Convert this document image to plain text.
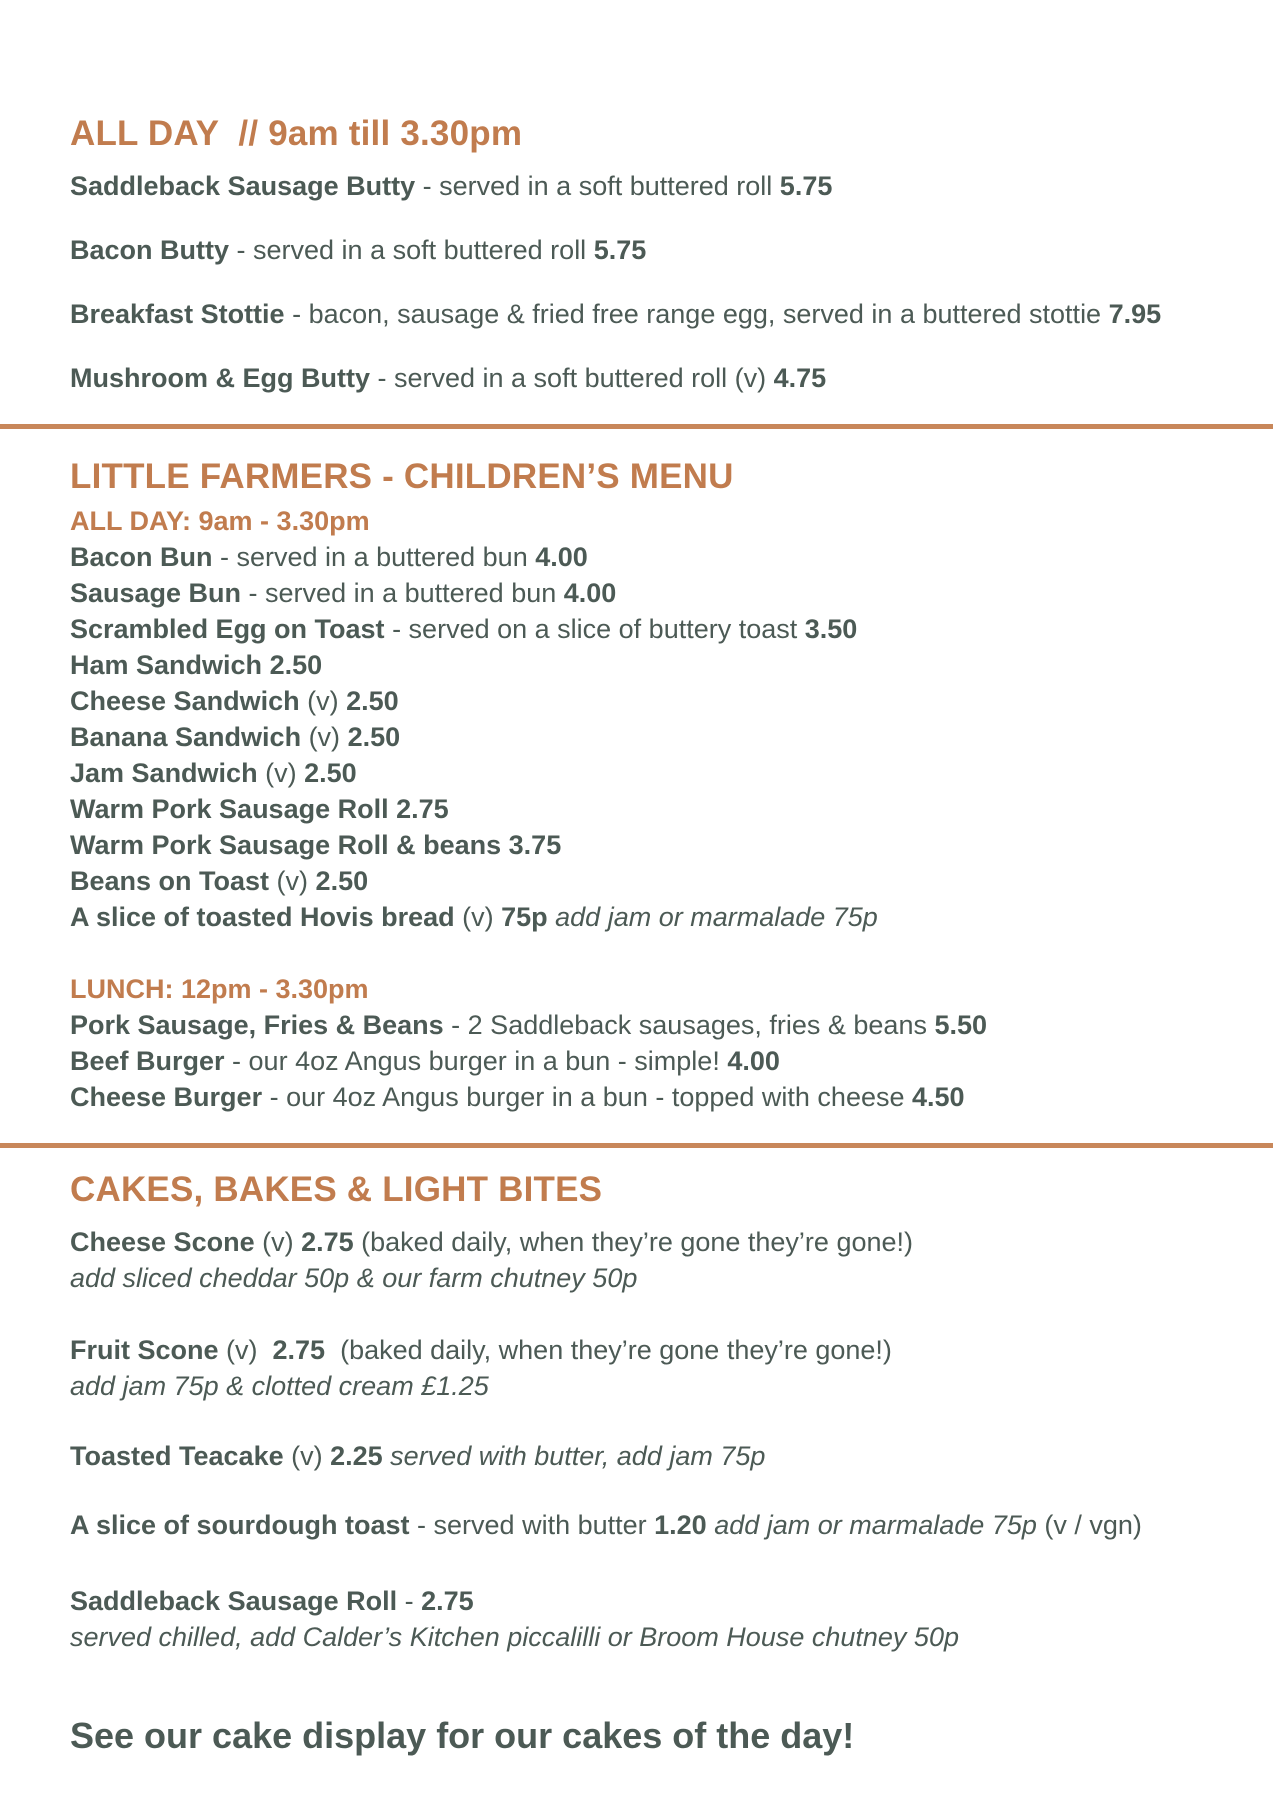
ALL DAY  // 9am till 3.30pm

Saddleback Sausage Butty - served in a soft buttered roll 5.75

Bacon Butty - served in a soft buttered roll 5.75

Breakfast Stottie - bacon, sausage & fried free range egg, served in a buttered stottie 7.95

Mushroom & Egg Butty - served in a soft buttered roll (v) 4.75

LITTLE FARMERS - CHILDREN’S MENU

ALL DAY: 9am - 3.30pm

Bacon Bun - served in a buttered bun 4.00

Sausage Bun - served in a buttered bun 4.00

Scrambled Egg on Toast - served on a slice of buttery toast 3.50

Ham Sandwich 2.50

Cheese Sandwich (v) 2.50

Banana Sandwich (v) 2.50

Jam Sandwich (v) 2.50

Warm Pork Sausage Roll 2.75

Warm Pork Sausage Roll & beans 3.75

Beans on Toast (v) 2.50

A slice of toasted Hovis bread (v) 75p add jam or marmalade 75p

LUNCH: 12pm - 3.30pm

Pork Sausage, Fries & Beans - 2 Saddleback sausages, fries & beans 5.50

Beef Burger - our 4oz Angus burger in a bun - simple! 4.00

Cheese Burger - our 4oz Angus burger in a bun - topped with cheese 4.50

CAKES, BAKES & LIGHT BITES

Cheese Scone (v) 2.75 (baked daily, when they’re gone they’re gone!)

add sliced cheddar 50p & our farm chutney 50p

Fruit Scone (v)  2.75  (baked daily, when they’re gone they’re gone!)

add jam 75p & clotted cream £1.25

Toasted Teacake (v) 2.25 served with butter, add jam 75p

A slice of sourdough toast - served with butter 1.20 add jam or marmalade 75p (v / vgn)

Saddleback Sausage Roll - 2.75

served chilled, add Calder’s Kitchen piccalilli or Broom House chutney 50p

See our cake display for our cakes of the day!
